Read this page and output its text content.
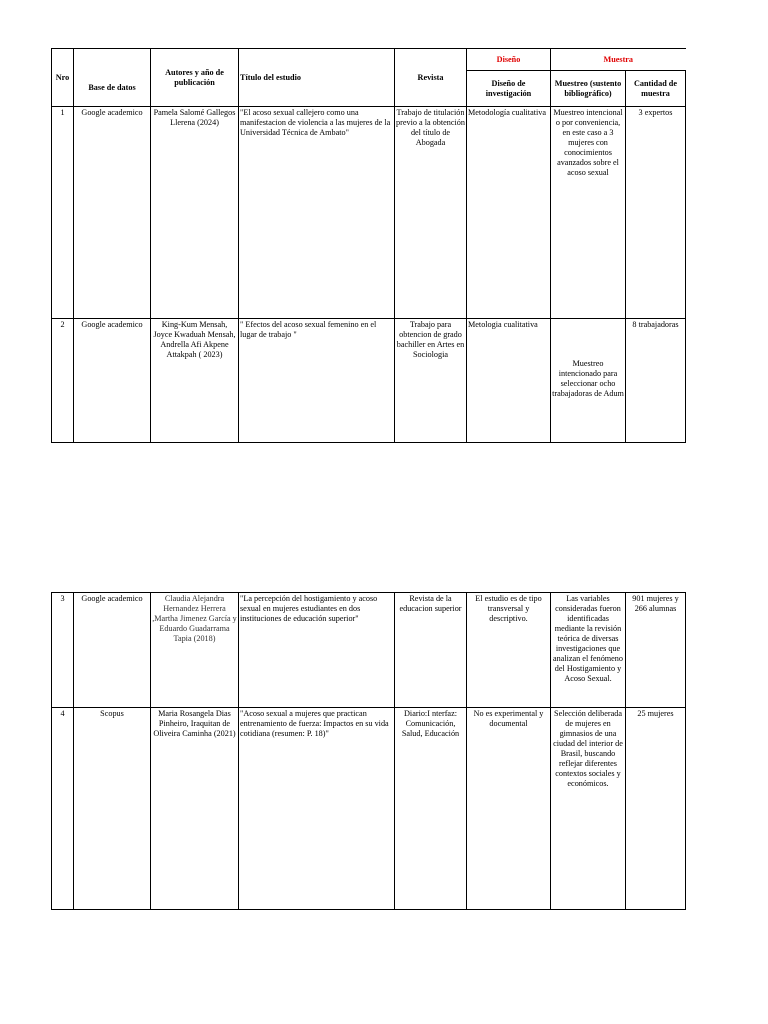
Nro		Autores y año de publicación	Título del estudio	Revista	Diseño	Muestra	
	Base de datos				Diseño de investigación	Muestreo (sustento bibliográfico)	Cantidad de muestra
1	Google academico	Pamela Salomé Gallegos Llerena (2024)	"El acoso sexual callejero como una manifestacion de violencia a las mujeres de la Universidad Técnica de Ambato"	Trabajo de titulación previo a la obtención del título de Abogada	Metodología cualitativa	Muestreo intencional o por conveniencia, en este caso a 3 mujeres con conocimientos avanzados sobre el acoso sexual	3 expertos
2	Google academico	King-Kum Mensah, Joyce Kwaduah Mensah, Andrella Afi Akpene Attakpah ( 2023)	" Efectos del acoso sexual femenino en el lugar de trabajo "	Trabajo para obtencion de grado bachiller en Artes en Sociologia	Metologia cualitativa	Muestreo intencionado para seleccionar ocho trabajadoras de Adum	8 trabajadoras
3	Google academico	Claudia Alejandra Hernandez Herrera ,Martha Jimenez García y Eduardo Guadarrama Tapia (2018)	"La percepción del hostigamiento y acoso sexual en mujeres estudiantes en dos instituciones de educación superior"	Revista de la educacion superior	El estudio es de tipo transversal y descriptivo.	Las variables consideradas fueron identificadas mediante la revisión teórica de diversas investigaciones que analizan el fenómeno del Hostigamiento y Acoso Sexual.	901 mujeres y 266 alumnas
4	Scopus	Maria Rosangela Dias Pinheiro, Iraquitan de Oliveira Caminha (2021)	"Acoso sexual a mujeres que practican entrenamiento de fuerza: Impactos en su vida cotidiana (resumen: P. 18)"	Diario:I nterfaz: Comunicación, Salud, Educación	No es experimental y documental	Selección deliberada de mujeres en gimnasios de una ciudad del interior de Brasil, buscando reflejar diferentes contextos sociales y económicos.	25 mujeres
